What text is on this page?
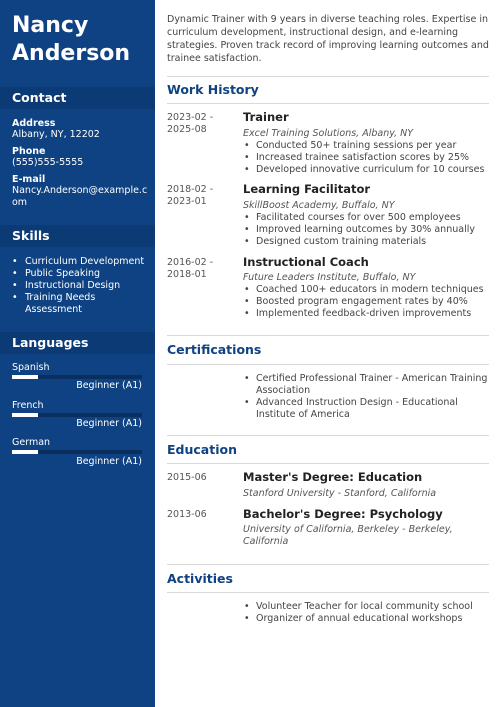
Nancy
Anderson
Contact
Address
Albany, NY, 12202
Phone
(555)555-5555
E-mail
Nancy.Anderson@example.com
Skills
• Curriculum Development
• Public Speaking
• Instructional Design
• Training Needs Assessment
Languages
Spanish
Beginner (A1)
French
Beginner (A1)
German
Beginner (A1)

Dynamic Trainer with 9 years in diverse teaching roles. Expertise in curriculum development, instructional design, and e-learning strategies. Proven track record of improving learning outcomes and trainee satisfaction.

Work History
2023-02 - 2025-08
Trainer
Excel Training Solutions, Albany, NY
• Conducted 50+ training sessions per year
• Increased trainee satisfaction scores by 25%
• Developed innovative curriculum for 10 courses
2018-02 - 2023-01
Learning Facilitator
SkillBoost Academy, Buffalo, NY
• Facilitated courses for over 500 employees
• Improved learning outcomes by 30% annually
• Designed custom training materials
2016-02 - 2018-01
Instructional Coach
Future Leaders Institute, Buffalo, NY
• Coached 100+ educators in modern techniques
• Boosted program engagement rates by 40%
• Implemented feedback-driven improvements
Certifications
• Certified Professional Trainer - American Training Association
• Advanced Instruction Design - Educational Institute of America
Education
2015-06	Master's Degree: Education
Stanford University - Stanford, California
2013-06	Bachelor's Degree: Psychology
University of California, Berkeley - Berkeley, California
Activities
• Volunteer Teacher for local community school
• Organizer of annual educational workshops
